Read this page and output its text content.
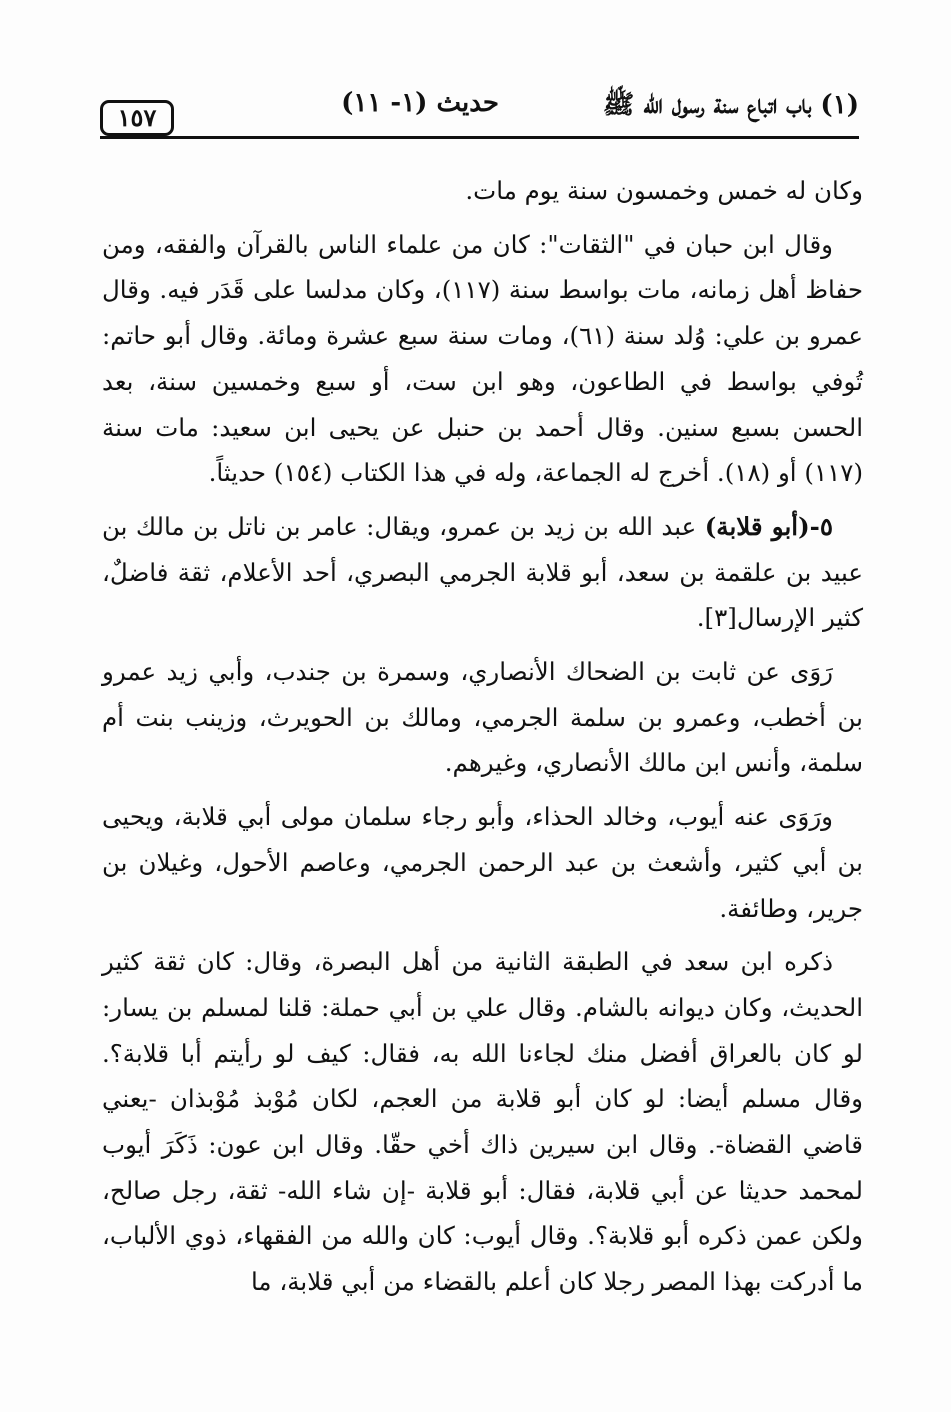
(١) باب اتباع سنة رسول الله ﷺ
حديث (١- ١١)
١٥٧

وكان له خمس وخمسون سنة يوم مات.

وقال ابن حبان في "الثقات": كان من علماء الناس بالقرآن والفقه، ومن حفاظ أهل زمانه، مات بواسط سنة (١١٧)، وكان مدلسا على قَدَر فيه. وقال عمرو بن علي: وُلد سنة (٦١)، ومات سنة سبع عشرة ومائة. وقال أبو حاتم: تُوفي بواسط في الطاعون، وهو ابن ست، أو سبع وخمسين سنة، بعد الحسن بسبع سنين. وقال أحمد بن حنبل عن يحيى ابن سعيد: مات سنة (١١٧) أو (١٨). أخرج له الجماعة، وله في هذا الكتاب (١٥٤) حديثاً.

٥-(أبو قلابة) عبد الله بن زيد بن عمرو، ويقال: عامر بن ناتل بن مالك بن عبيد بن علقمة بن سعد، أبو قلابة الجرمي البصري، أحد الأعلام، ثقة فاضلٌ، كثير الإرسال[٣].

رَوَى عن ثابت بن الضحاك الأنصاري، وسمرة بن جندب، وأبي زيد عمرو بن أخطب، وعمرو بن سلمة الجرمي، ومالك بن الحويرث، وزينب بنت أم سلمة، وأنس ابن مالك الأنصاري، وغيرهم.

ورَوَى عنه أيوب، وخالد الحذاء، وأبو رجاء سلمان مولى أبي قلابة، ويحيى بن أبي كثير، وأشعث بن عبد الرحمن الجرمي، وعاصم الأحول، وغيلان بن جرير، وطائفة.

ذكره ابن سعد في الطبقة الثانية من أهل البصرة، وقال: كان ثقة كثير الحديث، وكان ديوانه بالشام. وقال علي بن أبي حملة: قلنا لمسلم بن يسار: لو كان بالعراق أفضل منك لجاءنا الله به، فقال: كيف لو رأيتم أبا قلابة؟. وقال مسلم أيضا: لو كان أبو قلابة من العجم، لكان مُوْبذ مُوْبذان -يعني قاضي القضاة-. وقال ابن سيرين ذاك أخي حقّا. وقال ابن عون: ذَكَرَ أيوب لمحمد حديثا عن أبي قلابة، فقال: أبو قلابة -إن شاء الله- ثقة، رجل صالح، ولكن عمن ذكره أبو قلابة؟. وقال أيوب: كان والله من الفقهاء، ذوي الألباب، ما أدركت بهذا المصر رجلا كان أعلم بالقضاء من أبي قلابة، ما
